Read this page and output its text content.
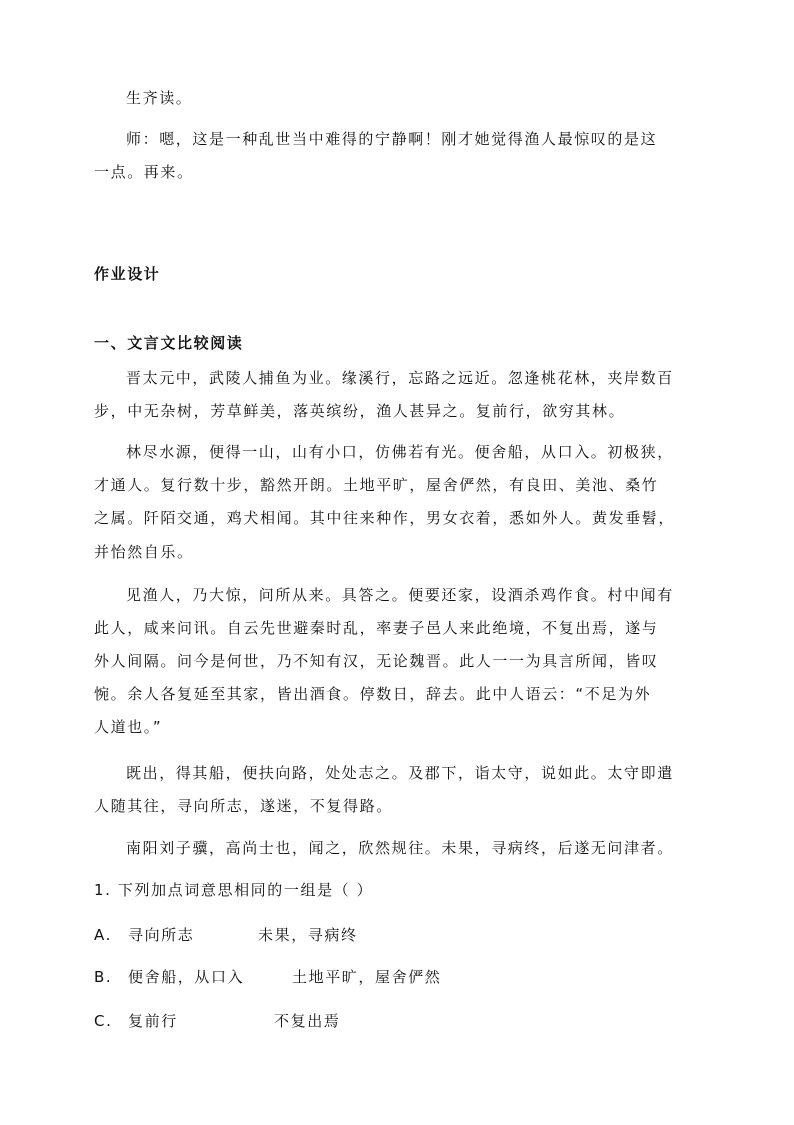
生齐读。
师：嗯，这是一种乱世当中难得的宁静啊！刚才她觉得渔人最惊叹的是这
一点。再来。
作业设计
一、文言文比较阅读
晋太元中，武陵人捕鱼为业。缘溪行，忘路之远近。忽逢桃花林，夹岸数百
步，中无杂树，芳草鲜美，落英缤纷，渔人甚异之。复前行，欲穷其林。
林尽水源，便得一山，山有小口，仿佛若有光。便舍船，从口入。初极狭，
才通人。复行数十步，豁然开朗。土地平旷，屋舍俨然，有良田、美池、桑竹
之属。阡陌交通，鸡犬相闻。其中往来种作，男女衣着，悉如外人。黄发垂髫，
并怡然自乐。
见渔人，乃大惊，问所从来。具答之。便要还家，设酒杀鸡作食。村中闻有
此人，咸来问讯。自云先世避秦时乱，率妻子邑人来此绝境，不复出焉，遂与
外人间隔。问今是何世，乃不知有汉，无论魏晋。此人一一为具言所闻，皆叹
惋。余人各复延至其家，皆出酒食。停数日，辞去。此中人语云：“不足为外
人道也。”
既出，得其船，便扶向路，处处志之。及郡下，诣太守，说如此。太守即遣
人随其往，寻向所志，遂迷，不复得路。
南阳刘子骥，高尚士也，闻之，欣然规往。未果，寻病终，后遂无问津者。
1. 下列加点词意思相同的一组是（ ）
A. 寻向所志	未果，寻病终
B. 便舍船，从口入	土地平旷，屋舍俨然
C. 复前行	不复出焉
